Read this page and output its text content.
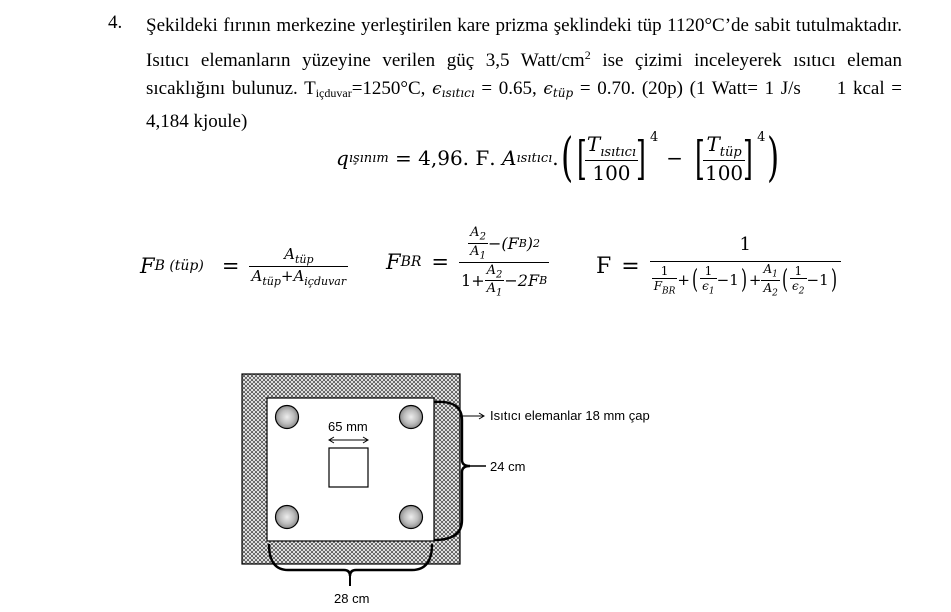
4. Şekildeki fırının merkezine yerleştirilen kare prizma şeklindeki tüp 1120°C’de sabit tutulmaktadır. Isıtıcı elemanların yüzeyine verilen güç 3,5 Watt/$cm^2$ ise çizimi inceleyerek ısıtıcı eleman sıcaklığını bulunuz. $T_{içduvar}=1250^\circ C$, $\epsilon_{ısıtıcı} = 0.65$, $\epsilon_{tüp} = 0.70$. (20p) (1 Watt= 1 J/s 1 kcal = 4,184 kjoule)
q ışınım = 4,96. Ϝ . A ısıtıcı . ( [
$\frac{T_{ısıtıcı}}{100}$
] $^4$
− [
$\frac{T_{tüp}}{100}$
] $^4$ )
F B (tüp) = $\frac{A_{tüp}}{A_{tüp}+A_{içduvar}}$ F BR = $\frac{\frac{A_2}{A_1} -(F B ) 2}{1+ \frac{A_2}{A_1} -2F B}$ Ϝ =
1
$\frac{1}{F_{BR}}$ + ( $\frac{1}{\epsilon_1} -1$ ) + $\frac{A_1}{A_2}$ ( $\frac{1}{\epsilon_2} -1$ )
65 mm
Isıtıcı elemanlar 18 mm çap
24 cm
28 cm
